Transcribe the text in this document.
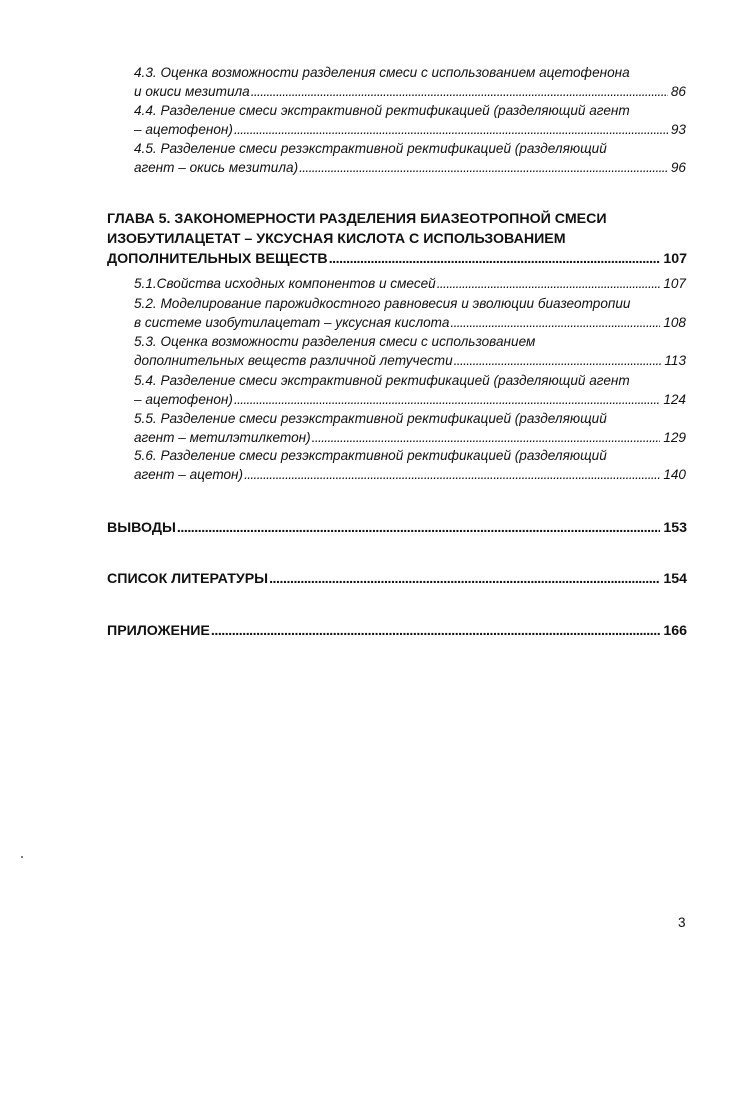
4.3. Оценка возможности разделения смеси с использованием ацетофенона
и окиси мезитила . . .	86
4.4. Разделение смеси экстрактивной ректификацией (разделяющий агент
– ацетофенон) . . .	93
4.5. Разделение смеси резэкстрактивной ректификацией (разделяющий
агент – окись мезитила) . . .	96
ГЛАВА 5. ЗАКОНОМЕРНОСТИ РАЗДЕЛЕНИЯ БИАЗЕОТРОПНОЙ СМЕСИ
ИЗОБУТИЛАЦЕТАТ – УКСУСНАЯ КИСЛОТА С ИСПОЛЬЗОВАНИЕМ
ДОПОЛНИТЕЛЬНЫХ ВЕЩЕСТВ . . .	107
5.1.Свойства исходных компонентов и смесей . . .	107
5.2. Моделирование парожидкостного равновесия и эволюции биазеотропии
в системе изобутилацетат – уксусная кислота . . .	108
5.3. Оценка возможности разделения смеси с использованием
дополнительных веществ различной летучести . . .	113
5.4. Разделение смеси экстрактивной ректификацией (разделяющий агент
– ацетофенон) . . .	124
5.5. Разделение смеси резэкстрактивной ректификацией (разделяющий
агент – метилэтилкетон) . . .	129
5.6. Разделение смеси резэкстрактивной ректификацией (разделяющий
агент – ацетон) . . .	140
ВЫВОДЫ . . .	153
СПИСОК ЛИТЕРАТУРЫ . . .	154
ПРИЛОЖЕНИЕ . . .	166
3
